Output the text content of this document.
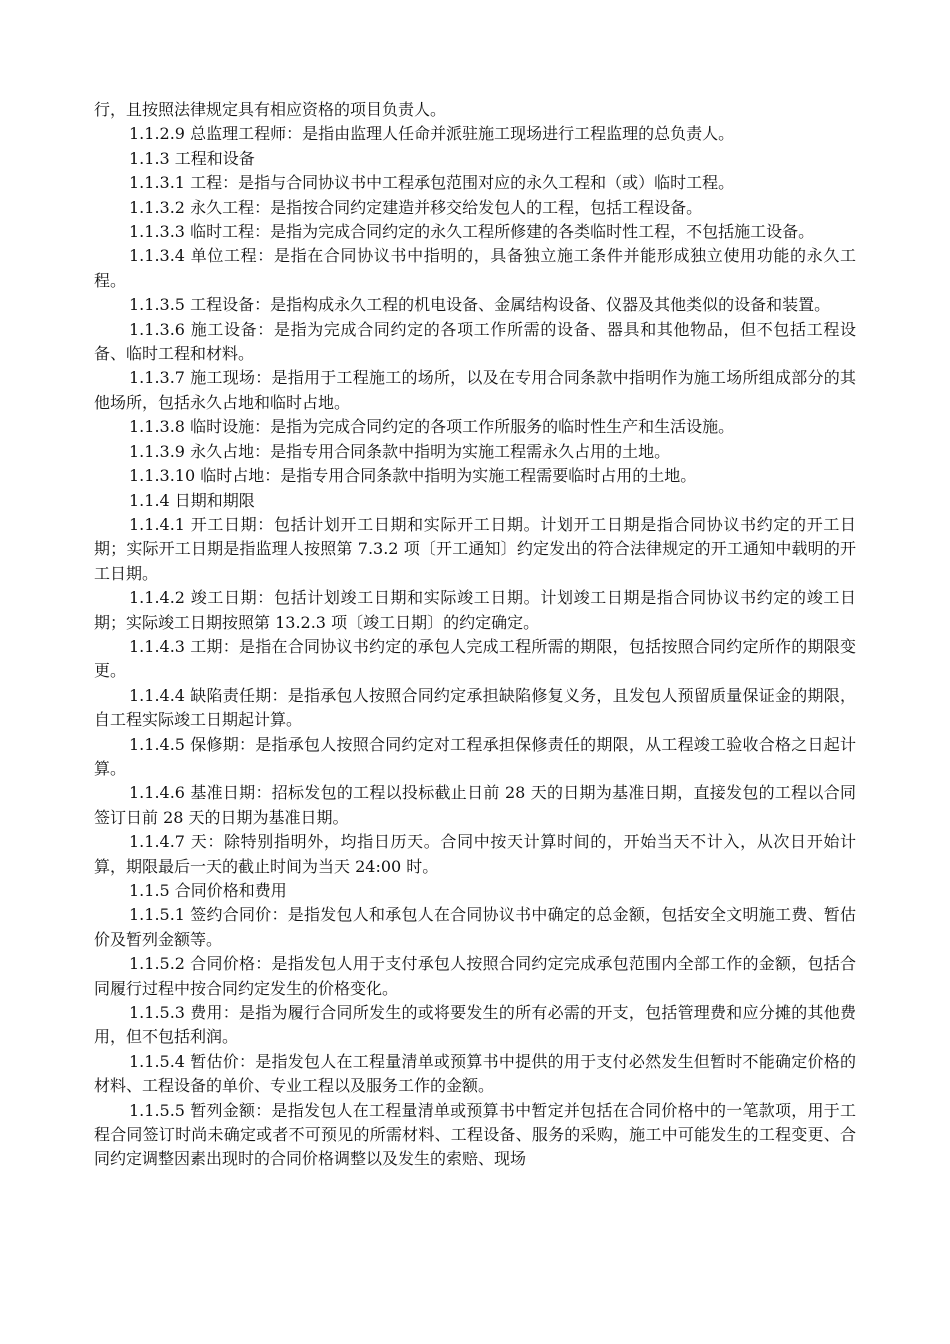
行，且按照法律规定具有相应资格的项目负责人。

1.1.2.9 总监理工程师：是指由监理人任命并派驻施工现场进行工程监理的总负责人。

1.1.3 工程和设备

1.1.3.1 工程：是指与合同协议书中工程承包范围对应的永久工程和（或）临时工程。

1.1.3.2 永久工程：是指按合同约定建造并移交给发包人的工程，包括工程设备。

1.1.3.3 临时工程：是指为完成合同约定的永久工程所修建的各类临时性工程，不包括施工设备。

1.1.3.4 单位工程：是指在合同协议书中指明的，具备独立施工条件并能形成独立使用功能的永久工程。

1.1.3.5 工程设备：是指构成永久工程的机电设备、金属结构设备、仪器及其他类似的设备和装置。

1.1.3.6 施工设备：是指为完成合同约定的各项工作所需的设备、器具和其他物品，但不包括工程设备、临时工程和材料。

1.1.3.7 施工现场：是指用于工程施工的场所，以及在专用合同条款中指明作为施工场所组成部分的其他场所，包括永久占地和临时占地。

1.1.3.8 临时设施：是指为完成合同约定的各项工作所服务的临时性生产和生活设施。

1.1.3.9 永久占地：是指专用合同条款中指明为实施工程需永久占用的土地。

1.1.3.10 临时占地：是指专用合同条款中指明为实施工程需要临时占用的土地。

1.1.4 日期和期限

1.1.4.1 开工日期：包括计划开工日期和实际开工日期。计划开工日期是指合同协议书约定的开工日期；实际开工日期是指监理人按照第 7.3.2 项〔开工通知〕约定发出的符合法律规定的开工通知中载明的开工日期。

1.1.4.2 竣工日期：包括计划竣工日期和实际竣工日期。计划竣工日期是指合同协议书约定的竣工日期；实际竣工日期按照第 13.2.3 项〔竣工日期〕的约定确定。

1.1.4.3 工期：是指在合同协议书约定的承包人完成工程所需的期限，包括按照合同约定所作的期限变更。

1.1.4.4 缺陷责任期：是指承包人按照合同约定承担缺陷修复义务，且发包人预留质量保证金的期限，自工程实际竣工日期起计算。

1.1.4.5 保修期：是指承包人按照合同约定对工程承担保修责任的期限，从工程竣工验收合格之日起计算。

1.1.4.6 基准日期：招标发包的工程以投标截止日前 28 天的日期为基准日期，直接发包的工程以合同签订日前 28 天的日期为基准日期。

1.1.4.7 天：除特别指明外，均指日历天。合同中按天计算时间的，开始当天不计入，从次日开始计算，期限最后一天的截止时间为当天 24:00 时。

1.1.5 合同价格和费用

1.1.5.1 签约合同价：是指发包人和承包人在合同协议书中确定的总金额，包括安全文明施工费、暂估价及暂列金额等。

1.1.5.2 合同价格：是指发包人用于支付承包人按照合同约定完成承包范围内全部工作的金额，包括合同履行过程中按合同约定发生的价格变化。

1.1.5.3 费用：是指为履行合同所发生的或将要发生的所有必需的开支，包括管理费和应分摊的其他费用，但不包括利润。

1.1.5.4 暂估价：是指发包人在工程量清单或预算书中提供的用于支付必然发生但暂时不能确定价格的材料、工程设备的单价、专业工程以及服务工作的金额。

1.1.5.5 暂列金额：是指发包人在工程量清单或预算书中暂定并包括在合同价格中的一笔款项，用于工程合同签订时尚未确定或者不可预见的所需材料、工程设备、服务的采购，施工中可能发生的工程变更、合同约定调整因素出现时的合同价格调整以及发生的索赔、现场
